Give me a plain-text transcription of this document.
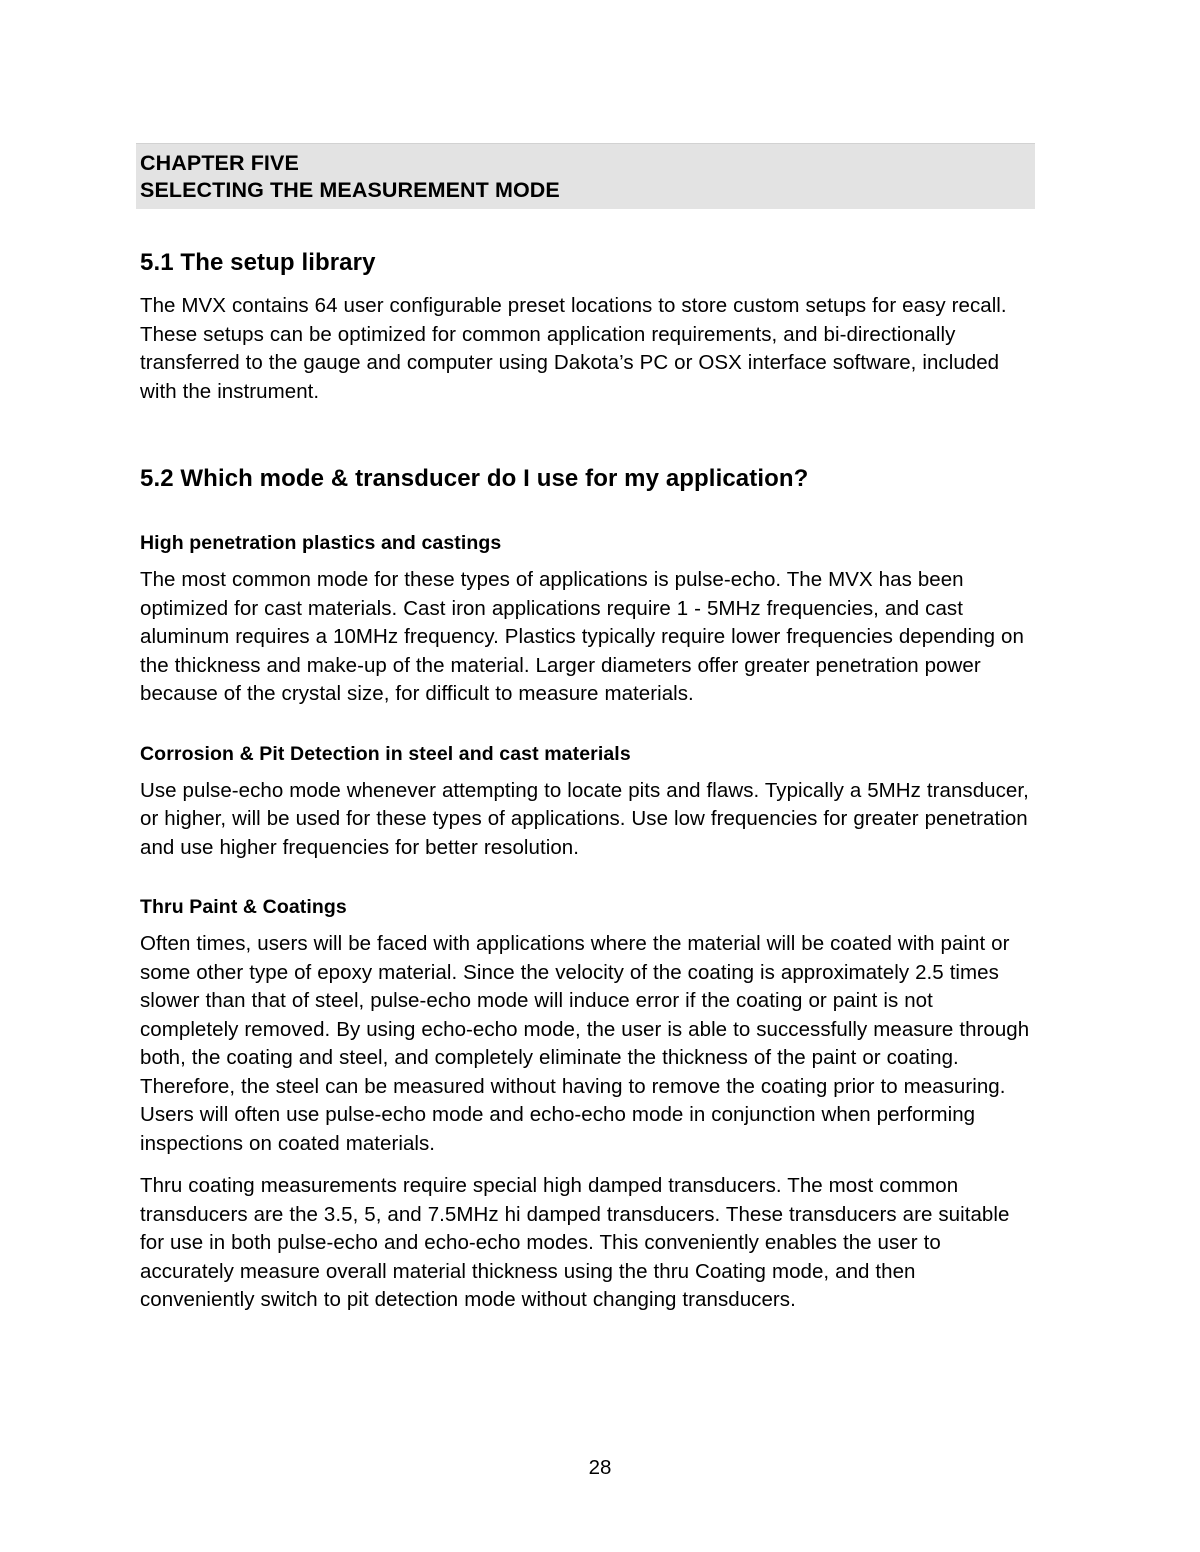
CHAPTER FIVE
SELECTING THE MEASUREMENT MODE
5.1 The setup library

The MVX contains 64 user configurable preset locations to store custom setups for easy recall. These setups can be optimized for common application requirements, and bi-directionally transferred to the gauge and computer using Dakota’s PC or OSX interface software, included with the instrument.

5.2 Which mode & transducer do I use for my application?
High penetration plastics and castings

The most common mode for these types of applications is pulse-echo. The MVX has been optimized for cast materials. Cast iron applications require 1 - 5MHz frequencies, and cast aluminum requires a 10MHz frequency. Plastics typically require lower frequencies depending on the thickness and make-up of the material. Larger diameters offer greater penetration power because of the crystal size, for difficult to measure materials.

Corrosion & Pit Detection in steel and cast materials

Use pulse-echo mode whenever attempting to locate pits and flaws. Typically a 5MHz transducer, or higher, will be used for these types of applications. Use low frequencies for greater penetration and use higher frequencies for better resolution.

Thru Paint & Coatings

Often times, users will be faced with applications where the material will be coated with paint or some other type of epoxy material. Since the velocity of the coating is approximately 2.5 times slower than that of steel, pulse-echo mode will induce error if the coating or paint is not completely removed. By using echo-echo mode, the user is able to successfully measure through both, the coating and steel, and completely eliminate the thickness of the paint or coating. Therefore, the steel can be measured without having to remove the coating prior to measuring. Users will often use pulse-echo mode and echo-echo mode in conjunction when performing inspections on coated materials.

Thru coating measurements require special high damped transducers. The most common transducers are the 3.5, 5, and 7.5MHz hi damped transducers. These transducers are suitable for use in both pulse-echo and echo-echo modes. This conveniently enables the user to accurately measure overall material thickness using the thru Coating mode, and then conveniently switch to pit detection mode without changing transducers.

28
